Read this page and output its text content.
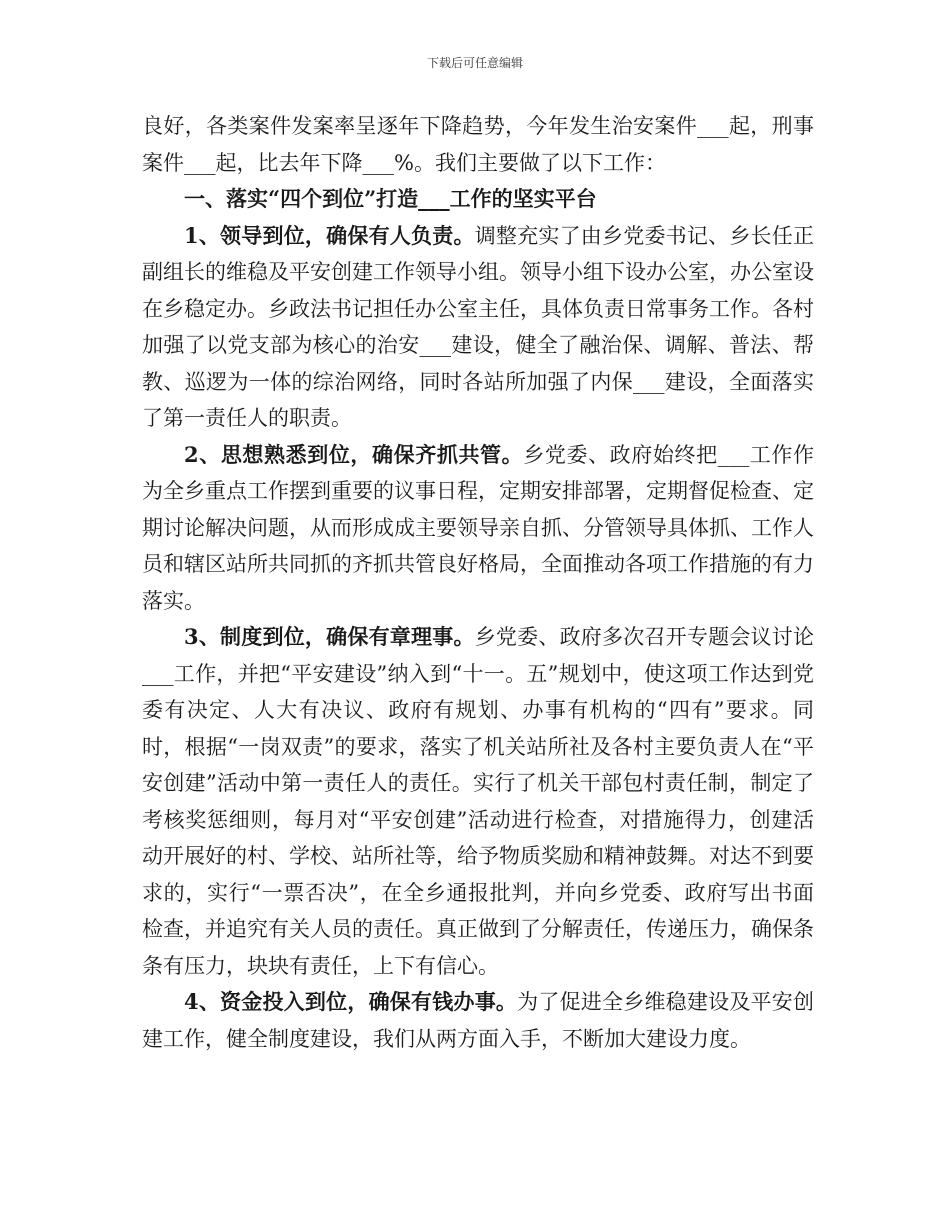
下载后可任意编辑

良好，各类案件发案率呈逐年下降趋势，今年发生治安案件___起，刑事案件___起，比去年下降___%。我们主要做了以下工作：

一、落实“四个到位”打造___工作的坚实平台

1、领导到位，确保有人负责。调整充实了由乡党委书记、乡长任正副组长的维稳及平安创建工作领导小组。领导小组下设办公室，办公室设在乡稳定办。乡政法书记担任办公室主任，具体负责日常事务工作。各村加强了以党支部为核心的治安___建设，健全了融治保、调解、普法、帮教、巡逻为一体的综治网络，同时各站所加强了内保___建设，全面落实了第一责任人的职责。

2、思想熟悉到位，确保齐抓共管。乡党委、政府始终把___工作作为全乡重点工作摆到重要的议事日程，定期安排部署，定期督促检查、定期讨论解决问题，从而形成成主要领导亲自抓、分管领导具体抓、工作人员和辖区站所共同抓的齐抓共管良好格局，全面推动各项工作措施的有力落实。

3、制度到位，确保有章理事。乡党委、政府多次召开专题会议讨论___工作，并把“平安建设”纳入到“十一。五”规划中，使这项工作达到党委有决定、人大有决议、政府有规划、办事有机构的“四有”要求。同时，根据“一岗双责”的要求，落实了机关站所社及各村主要负责人在“平安创建”活动中第一责任人的责任。实行了机关干部包村责任制，制定了考核奖惩细则，每月对“平安创建”活动进行检查，对措施得力，创建活动开展好的村、学校、站所社等，给予物质奖励和精神鼓舞。对达不到要求的，实行“一票否决”，在全乡通报批判，并向乡党委、政府写出书面检查，并追究有关人员的责任。真正做到了分解责任，传递压力，确保条条有压力，块块有责任，上下有信心。

4、资金投入到位，确保有钱办事。为了促进全乡维稳建设及平安创建工作，健全制度建设，我们从两方面入手，不断加大建设力度。
